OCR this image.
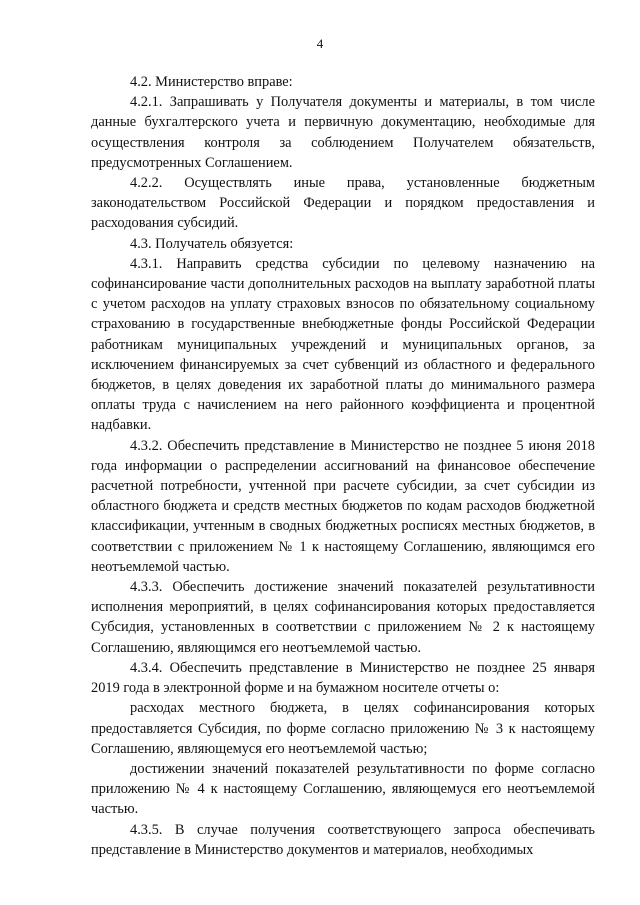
4

4.2. Министерство вправе:

4.2.1. Запрашивать у Получателя документы и материалы, в том числе данные бухгалтерского учета и первичную документацию, необходимые для осуществления контроля за соблюдением Получателем обязательств, предусмотренных Соглашением.

4.2.2. Осуществлять иные права, установленные бюджетным законодательством Российской Федерации и порядком предоставления и расходования субсидий.

4.3. Получатель обязуется:

4.3.1. Направить средства субсидии по целевому назначению на софинансирование части дополнительных расходов на выплату заработной платы с учетом расходов на уплату страховых взносов по обязательному социальному страхованию в государственные внебюджетные фонды Российской Федерации работникам муниципальных учреждений и муниципальных органов, за исключением финансируемых за счет субвенций из областного и федерального бюджетов, в целях доведения их заработной платы до минимального размера оплаты труда с начислением на него районного коэффициента и процентной надбавки.

4.3.2. Обеспечить представление в Министерство не позднее 5 июня 2018 года информации о распределении ассигнований на финансовое обеспечение расчетной потребности, учтенной при расчете субсидии, за счет субсидии из областного бюджета и средств местных бюджетов по кодам расходов бюджетной классификации, учтенным в сводных бюджетных росписях местных бюджетов, в соответствии с приложением № 1 к настоящему Соглашению, являющимся его неотъемлемой частью.

4.3.3. Обеспечить достижение значений показателей результативности исполнения мероприятий, в целях софинансирования которых предоставляется Субсидия, установленных в соответствии с приложением № 2 к настоящему Соглашению, являющимся его неотъемлемой частью.

4.3.4. Обеспечить представление в Министерство не позднее 25 января 2019 года в электронной форме и на бумажном носителе отчеты о:

расходах местного бюджета, в целях софинансирования которых предоставляется Субсидия, по форме согласно приложению № 3 к настоящему Соглашению, являющемуся его неотъемлемой частью;

достижении значений показателей результативности по форме согласно приложению № 4 к настоящему Соглашению, являющемуся его неотъемлемой частью.

4.3.5. В случае получения соответствующего запроса обеспечивать представление в Министерство документов и материалов, необходимых
